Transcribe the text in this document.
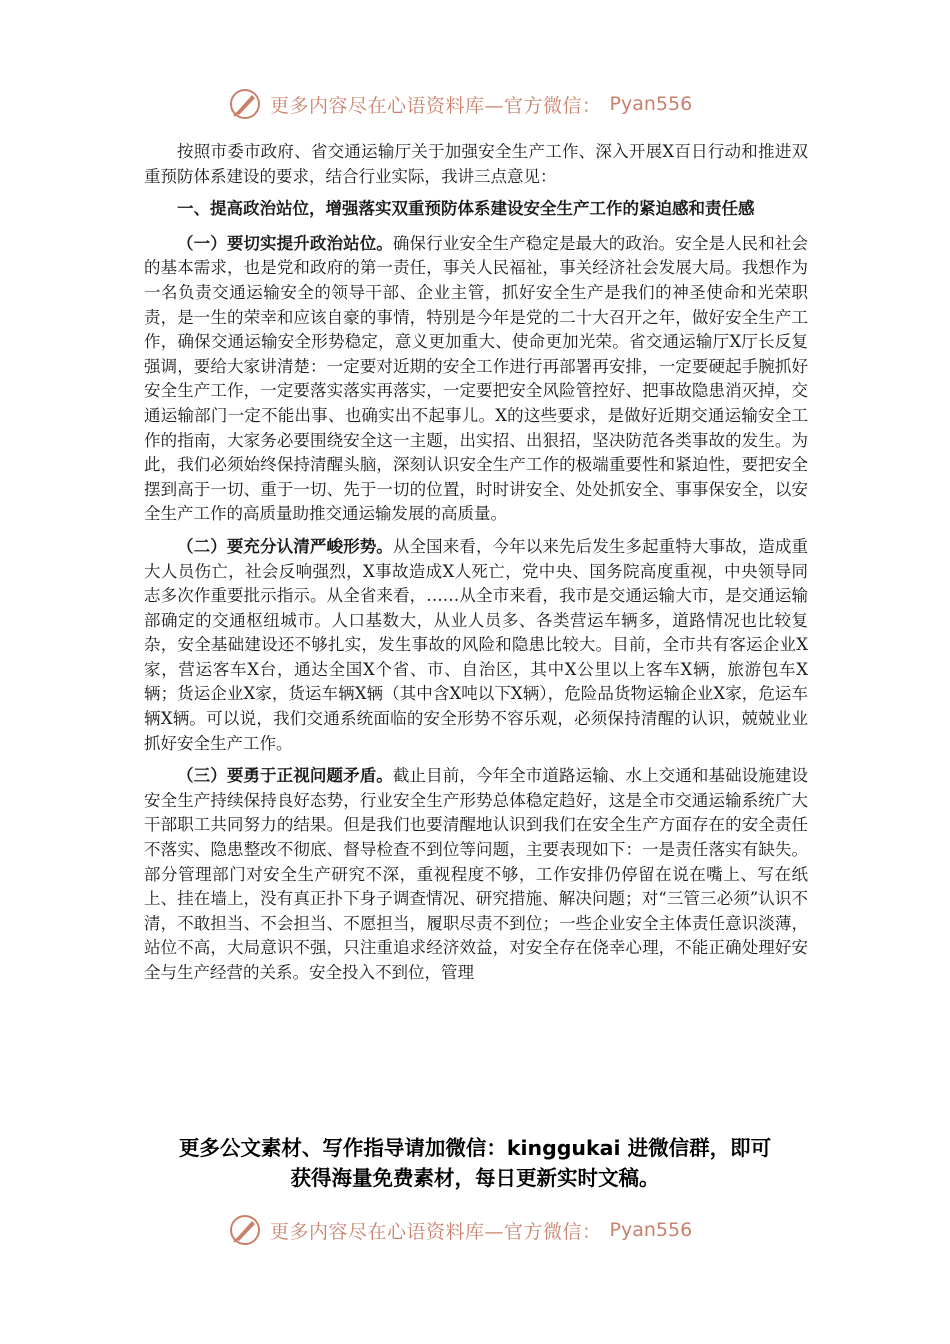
更多内容尽在心语资料库—官方微信： Pyan556

按照市委市政府、省交通运输厅关于加强安全生产工作、深入开展X百日行动和推进双重预防体系建设的要求，结合行业实际，我讲三点意见：

一、提高政治站位，增强落实双重预防体系建设安全生产工作的紧迫感和责任感

（一）要切实提升政治站位。确保行业安全生产稳定是最大的政治。安全是人民和社会的基本需求，也是党和政府的第一责任，事关人民福祉，事关经济社会发展大局。我想作为一名负责交通运输安全的领导干部、企业主管，抓好安全生产是我们的神圣使命和光荣职责，是一生的荣幸和应该自豪的事情，特别是今年是党的二十大召开之年，做好安全生产工作，确保交通运输安全形势稳定，意义更加重大、使命更加光荣。省交通运输厅X厅长反复强调，要给大家讲清楚：一定要对近期的安全工作进行再部署再安排，一定要硬起手腕抓好安全生产工作，一定要落实落实再落实，一定要把安全风险管控好、把事故隐患消灭掉，交通运输部门一定不能出事、也确实出不起事儿。X的这些要求，是做好近期交通运输安全工作的指南，大家务必要围绕安全这一主题，出实招、出狠招，坚决防范各类事故的发生。为此，我们必须始终保持清醒头脑，深刻认识安全生产工作的极端重要性和紧迫性，要把安全摆到高于一切、重于一切、先于一切的位置，时时讲安全、处处抓安全、事事保安全，以安全生产工作的高质量助推交通运输发展的高质量。

（二）要充分认清严峻形势。从全国来看，今年以来先后发生多起重特大事故，造成重大人员伤亡，社会反响强烈，X事故造成X人死亡，党中央、国务院高度重视，中央领导同志多次作重要批示指示。从全省来看，……从全市来看，我市是交通运输大市，是交通运输部确定的交通枢纽城市。人口基数大，从业人员多、各类营运车辆多，道路情况也比较复杂，安全基础建设还不够扎实，发生事故的风险和隐患比较大。目前，全市共有客运企业X家，营运客车X台，通达全国X个省、市、自治区，其中X公里以上客车X辆，旅游包车X辆；货运企业X家，货运车辆X辆（其中含X吨以下X辆），危险品货物运输企业X家，危运车辆X辆。可以说，我们交通系统面临的安全形势不容乐观，必须保持清醒的认识，兢兢业业抓好安全生产工作。

（三）要勇于正视问题矛盾。截止目前，今年全市道路运输、水上交通和基础设施建设安全生产持续保持良好态势，行业安全生产形势总体稳定趋好，这是全市交通运输系统广大干部职工共同努力的结果。但是我们也要清醒地认识到我们在安全生产方面存在的安全责任不落实、隐患整改不彻底、督导检查不到位等问题，主要表现如下：一是责任落实有缺失。部分管理部门对安全生产研究不深，重视程度不够，工作安排仍停留在说在嘴上、写在纸上、挂在墙上，没有真正扑下身子调查情况、研究措施、解决问题；对“三管三必须”认识不清，不敢担当、不会担当、不愿担当，履职尽责不到位；一些企业安全主体责任意识淡薄，站位不高，大局意识不强，只注重追求经济效益，对安全存在侥幸心理，不能正确处理好安全与生产经营的关系。安全投入不到位，管理

更多公文素材、写作指导请加微信：kinggukai 进微信群，即可
获得海量免费素材，每日更新实时文稿。
更多内容尽在心语资料库—官方微信： Pyan556
